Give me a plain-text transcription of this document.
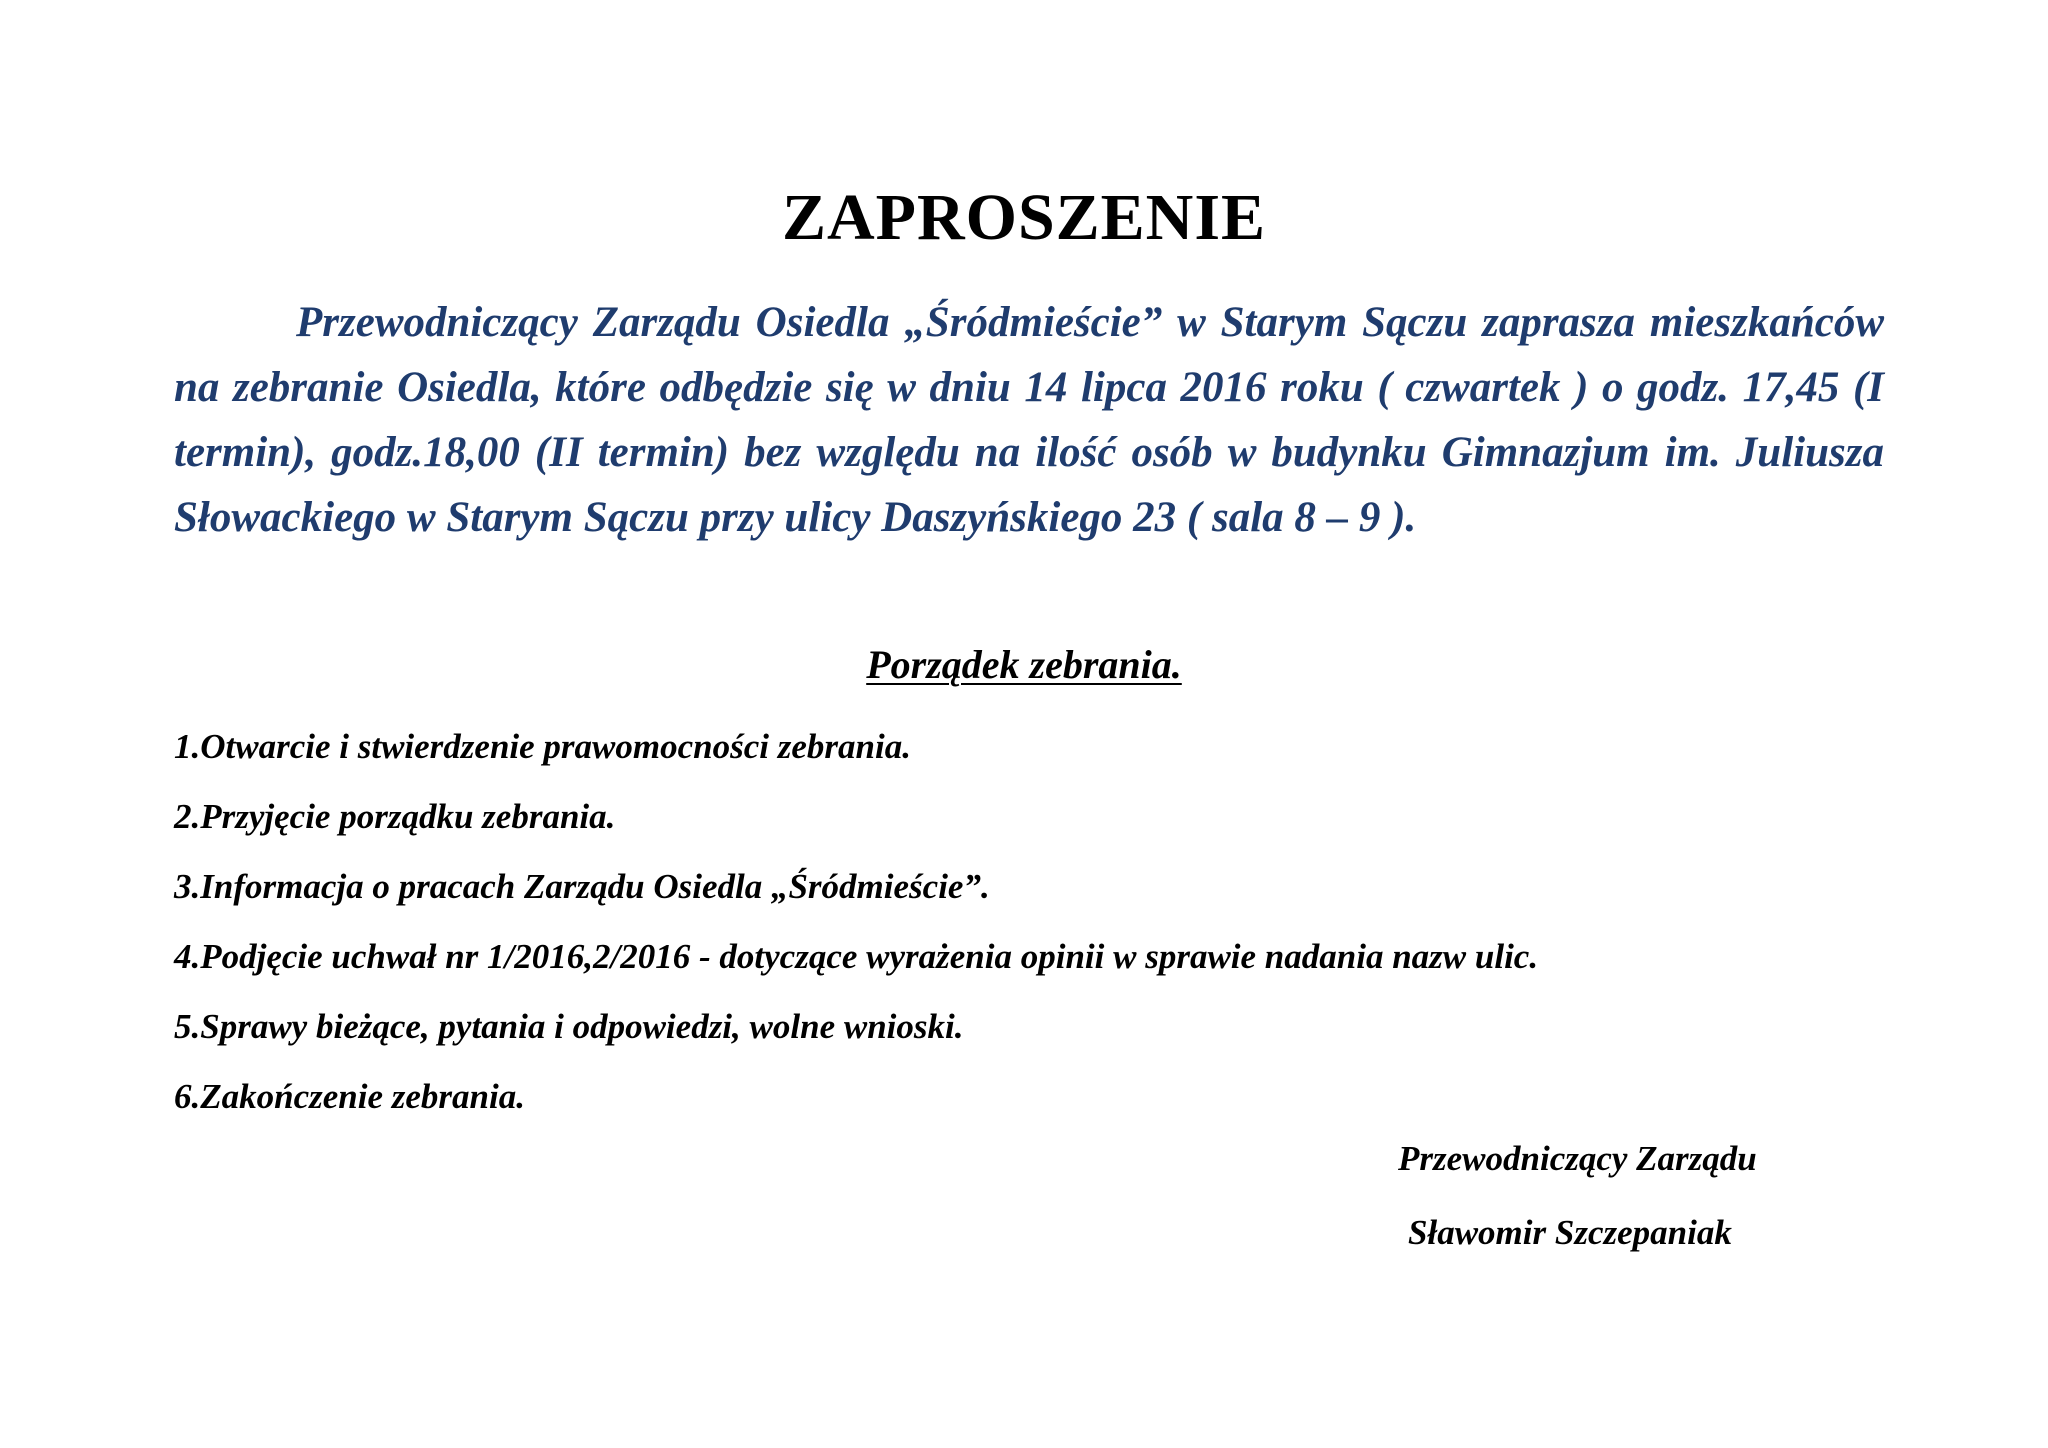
ZAPROSZENIE

Przewodniczący Zarządu Osiedla „Śródmieście” w Starym Sączu zaprasza mieszkańców na zebranie Osiedla, które odbędzie się w dniu 14 lipca 2016 roku ( czwartek ) o godz. 17,45 (I termin), godz.18,00 (II termin) bez względu na ilość osób w budynku Gimnazjum im. Juliusza Słowackiego w Starym Sączu przy ulicy Daszyńskiego 23 ( sala 8 – 9 ).

Porządek zebrania.
1.Otwarcie i stwierdzenie prawomocności zebrania.
2.Przyjęcie porządku zebrania.
3.Informacja o pracach Zarządu Osiedla „Śródmieście”.
4.Podjęcie uchwał nr 1/2016,2/2016 - dotyczące wyrażenia opinii w sprawie nadania nazw ulic.
5.Sprawy bieżące, pytania i odpowiedzi, wolne wnioski.
6.Zakończenie zebrania.
Przewodniczący Zarządu
Sławomir Szczepaniak
